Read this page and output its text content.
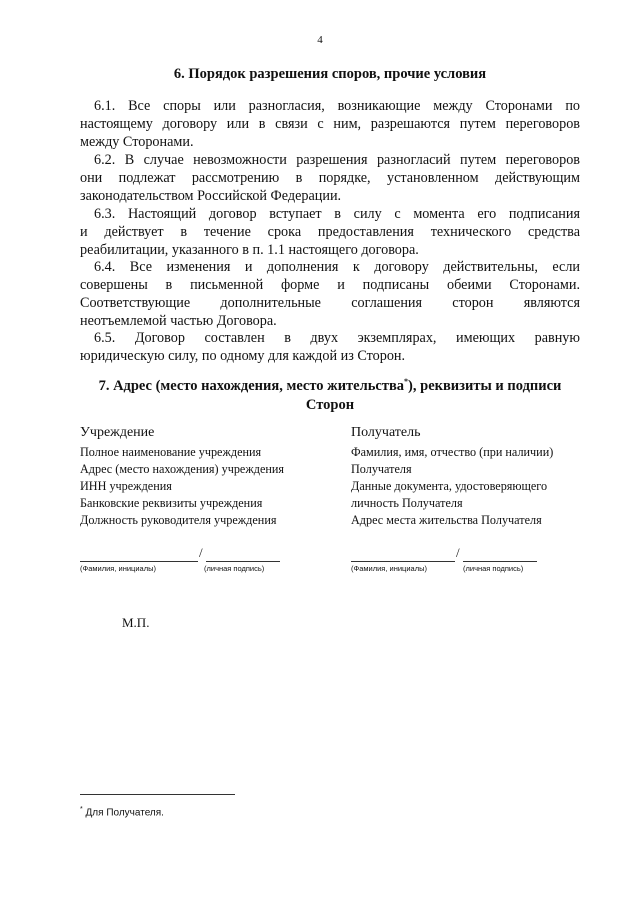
4
6. Порядок разрешения споров, прочие условия

6.1. Все споры или разногласия, возникающие между Сторонами по

настоящему договору или в связи с ним, разрешаются путем переговоров

между Сторонами.

6.2. В случае невозможности разрешения разногласий путем переговоров

они подлежат рассмотрению в порядке, установленном действующим

законодательством Российской Федерации.

6.3. Настоящий договор вступает в силу с момента его подписания

и действует в течение срока предоставления технического средства

реабилитации, указанного в п. 1.1 настоящего договора.

6.4. Все изменения и дополнения к договору действительны, если

совершены в письменной форме и подписаны обеими Сторонами.

Соответствующие дополнительные соглашения сторон являются

неотъемлемой частью Договора.

6.5. Договор составлен в двух экземплярах, имеющих равную

юридическую силу, по одному для каждой из Сторон.

7. Адрес (место нахождения, место жительства*), реквизиты и подписи
Сторон
Учреждение
Полное наименование учреждения
Адрес (место нахождения) учреждения
ИНН учреждения
Банковские реквизиты учреждения
Должность руководителя учреждения
Получатель
Фамилия, имя, отчество (при наличии)
Получателя
Данные документа, удостоверяющего
личность Получателя
Адрес места жительства Получателя
/
(Фамилия, инициалы)	(личная подпись)
/
(Фамилия, инициалы)	(личная подпись)
М.П.
* Для Получателя.
